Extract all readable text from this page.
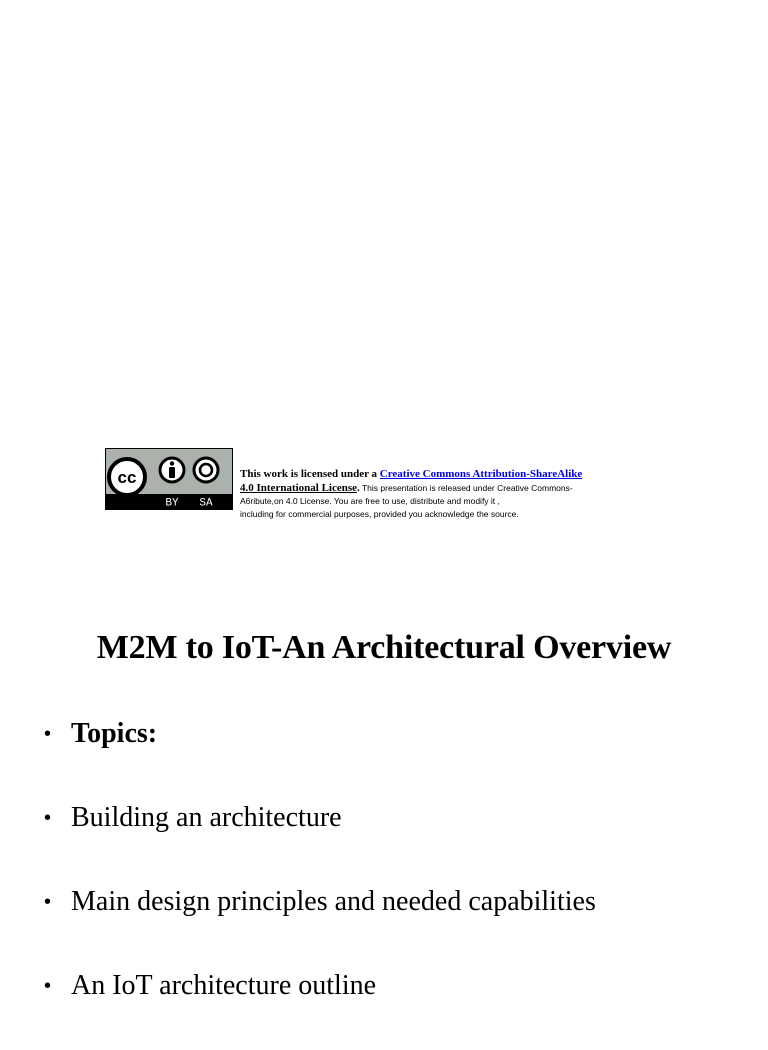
cc
BY SA
This work is licensed under a Creative Commons Attribution-ShareAlike
4.0 International License. This presentation is released under Creative Commons-
A6ribute,on 4.0 License. You are free to use, distribute and modify it ,
including for commercial purposes, provided you acknowledge the source.
M2M to IoT-An Architectural Overview
• Topics:
• Building an architecture
• Main design principles and needed capabilities
• An IoT architecture outline
